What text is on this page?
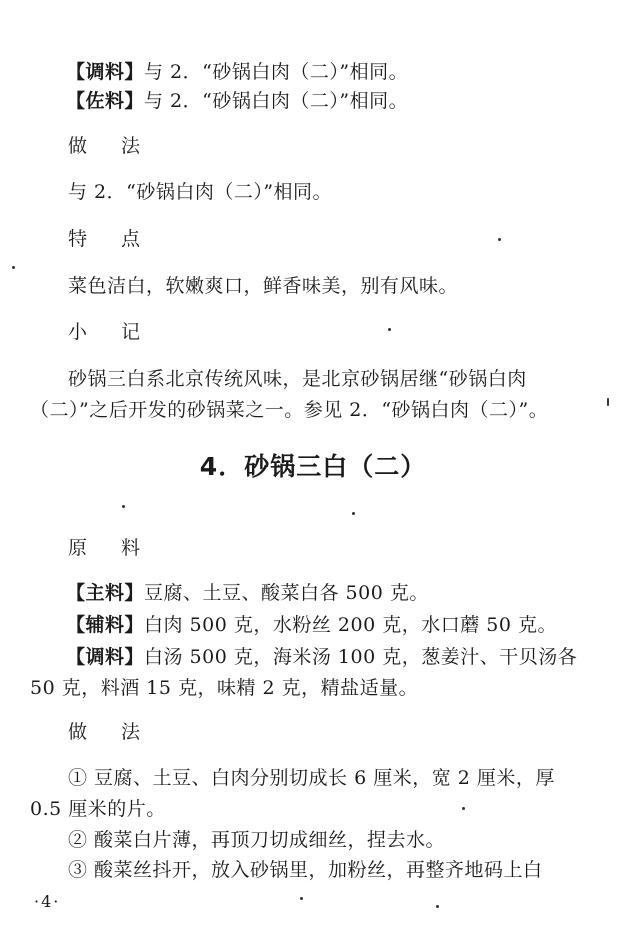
【调料】与 2．“砂锅白肉（二）”相同。
【佐料】与 2．“砂锅白肉（二）”相同。
做 法
与 2．“砂锅白肉（二）”相同。
特 点
菜色洁白，软嫩爽口，鲜香味美，别有风味。
小 记
砂锅三白系北京传统风味，是北京砂锅居继“砂锅白肉
（二）”之后开发的砂锅菜之一。参见 2．“砂锅白肉（二）”。
4．砂锅三白（二）
原 料
【主料】豆腐、土豆、酸菜白各 500 克。
【辅料】白肉 500 克，水粉丝 200 克，水口蘑 50 克。
【调料】白汤 500 克，海米汤 100 克，葱姜汁、干贝汤各
50 克，料酒 15 克，味精 2 克，精盐适量。
做 法
① 豆腐、土豆、白肉分别切成长 6 厘米，宽 2 厘米，厚
0.5 厘米的片。
② 酸菜白片薄，再顶刀切成细丝，捏去水。
③ 酸菜丝抖开，放入砂锅里，加粉丝，再整齐地码上白
·4·
